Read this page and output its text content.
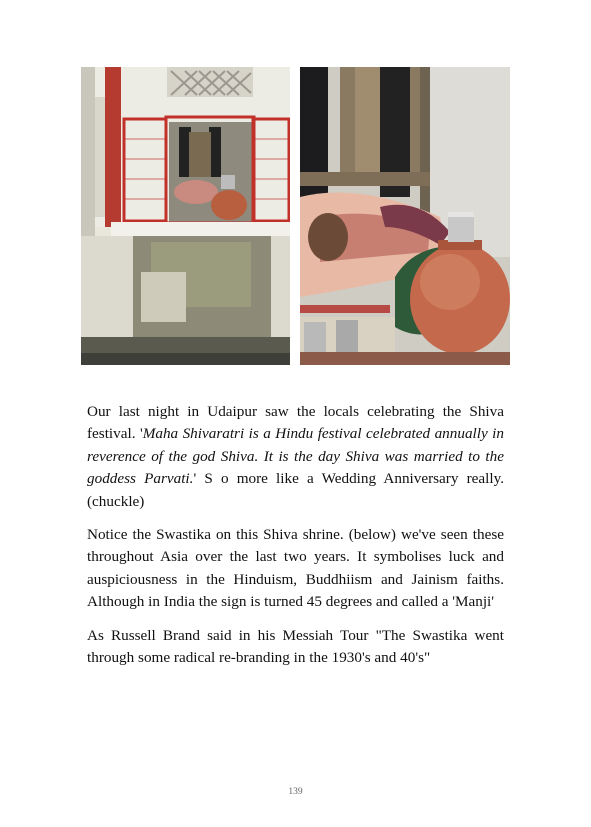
Our last night in Udaipur saw the locals celebrating the Shiva festival. 'Maha Shivaratri is a Hindu festival celebrated annually in reverence of the god Shiva. It is the day Shiva was married to the goddess Parvati.' S o more like a Wedding Anniversary really. (chuckle)

Notice the Swastika on this Shiva shrine. (below) we've seen these throughout Asia over the last two years. It symbolises luck and auspiciousness in the Hinduism, Buddhiism and Jainism faiths. Although in India the sign is turned 45 degrees and called a 'Manji'

As Russell Brand said in his Messiah Tour "The Swastika went through some radical re-branding in the 1930's and 40's"

139
